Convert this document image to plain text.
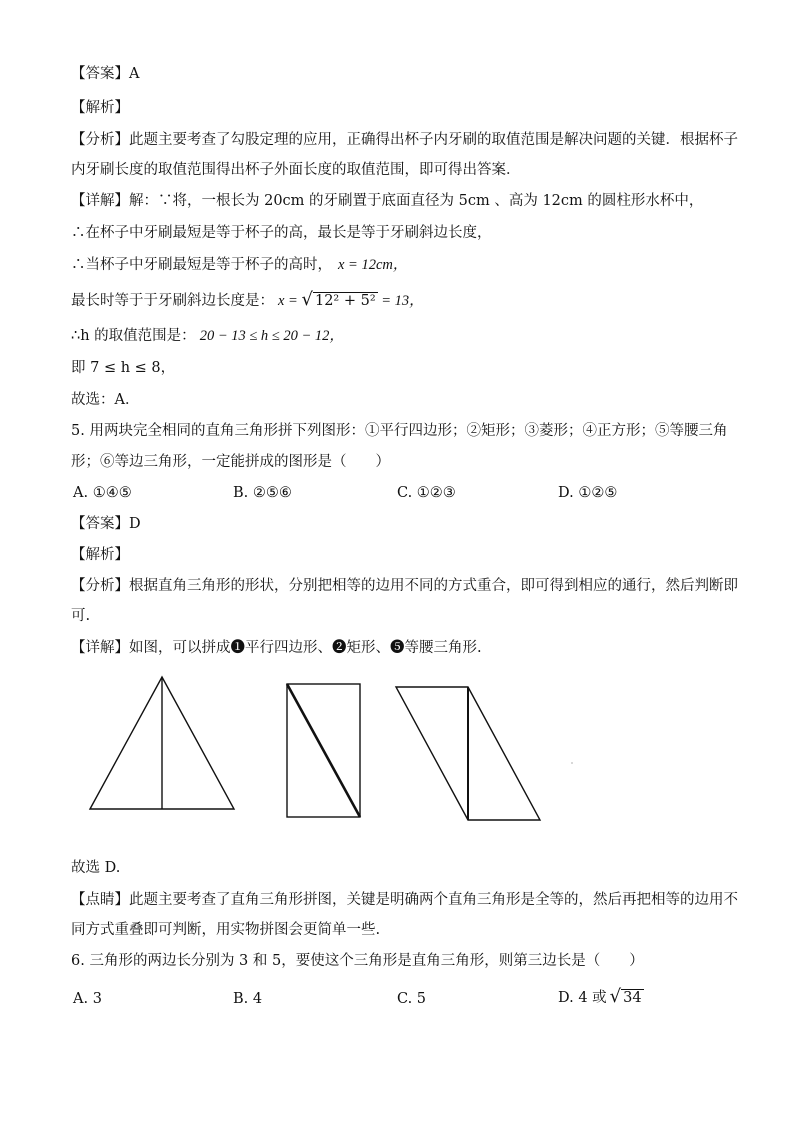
【答案】A
【解析】
【分析】此题主要考查了勾股定理的应用，正确得出杯子内牙刷的取值范围是解决问题的关键．根据杯子
内牙刷长度的取值范围得出杯子外面长度的取值范围，即可得出答案．
【详解】解：∵将，一根长为 20cm 的牙刷置于底面直径为 5cm 、高为 12cm 的圆柱形水杯中，
∴在杯子中牙刷最短是等于杯子的高，最长是等于牙刷斜边长度，
∴当杯子中牙刷最短是等于杯子的高时， x = 12cm，
最长时等于于牙刷斜边长度是： x = √ 12² + 5² = 13，
∴h 的取值范围是： 20 − 13 ≤ h ≤ 20 − 12，
即 7 ≤ h ≤ 8，
故选：A．
5. 用两块完全相同的直角三角形拼下列图形：①平行四边形；②矩形；③菱形；④正方形；⑤等腰三角
形；⑥等边三角形，一定能拼成的图形是（　　）
A. ①④⑤	B. ②⑤⑥	C. ①②③	D. ①②⑤
【答案】D
【解析】
【分析】根据直角三角形的形状，分别把相等的边用不同的方式重合，即可得到相应的通行，然后判断即
可.
【详解】如图，可以拼成❶平行四边形、❷矩形、❺等腰三角形.
故选 D.
【点睛】此题主要考查了直角三角形拼图，关键是明确两个直角三角形是全等的，然后再把相等的边用不
同方式重叠即可判断，用实物拼图会更简单一些.
6. 三角形的两边长分别为 3 和 5，要使这个三角形是直角三角形，则第三边长是（　　）
A. 3	B. 4	C. 5	D. 4 或 √ 34
